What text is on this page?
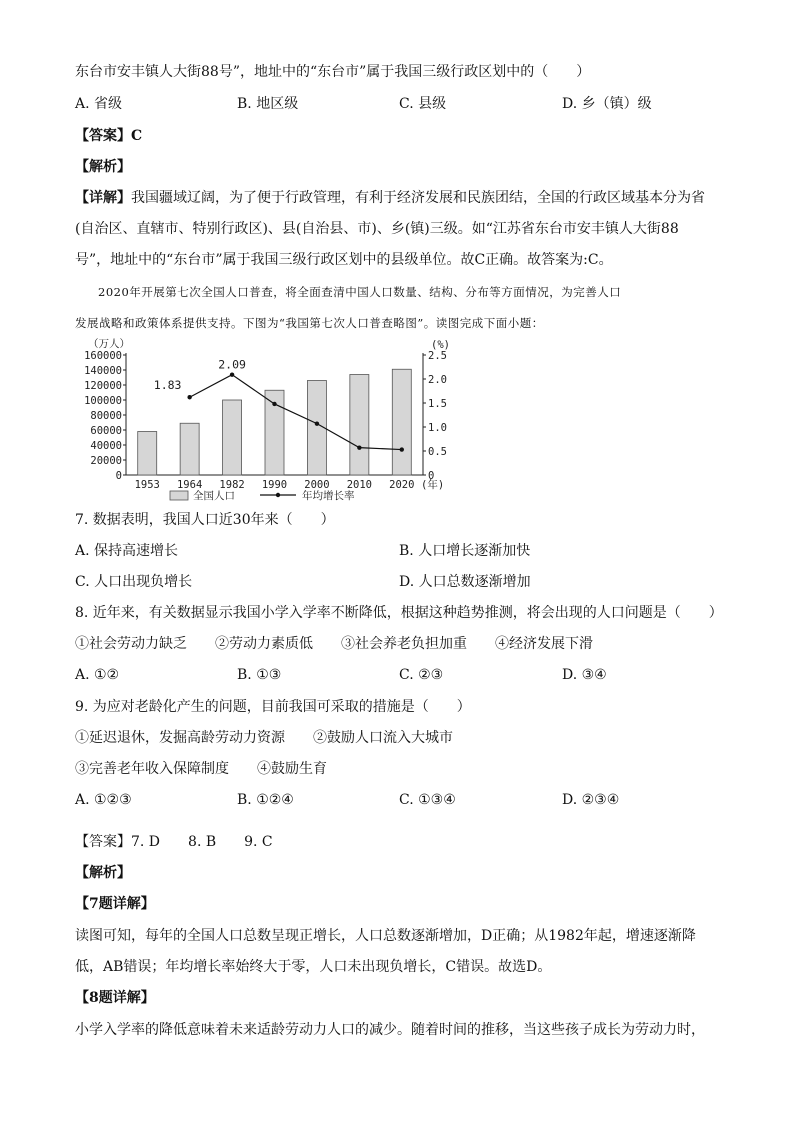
东台市安丰镇人大街88号”，地址中的“东台市”属于我国三级行政区划中的（　　）
A. 省级	B. 地区级	C. 县级	D. 乡（镇）级
【答案】C
【解析】
【详解】我国疆域辽阔，为了便于行政管理，有利于经济发展和民族团结，全国的行政区域基本分为省
(自治区、直辖市、特别行政区)、县(自治县、市)、乡(镇)三级。如“江苏省东台市安丰镇人大街88
号”，地址中的“东台市”属于我国三级行政区划中的县级单位。故C正确。故答案为:C。
2020年开展第七次全国人口普查，将全面查清中国人口数量、结构、分布等方面情况，为完善人口
发展战略和政策体系提供支持。下图为“我国第七次人口普查略图”。读图完成下面小题：
0
20000
40000
60000
80000
100000
120000
140000
160000
0
0.5
1.0
1.5
2.0
2.5
（万人）	(%)
1953 1964 1982 1990 2000 2010 2020 (年)
1.83
2.09
全国人口	年均增长率
7. 数据表明，我国人口近30年来（　　）
A. 保持高速增长	B. 人口增长逐渐加快
C. 人口出现负增长	D. 人口总数逐渐增加
8. 近年来，有关数据显示我国小学入学率不断降低，根据这种趋势推测，将会出现的人口问题是（　　）
①社会劳动力缺乏　　②劳动力素质低　　③社会养老负担加重　　④经济发展下滑
A. ①②	B. ①③	C. ②③	D. ③④
9. 为应对老龄化产生的问题，目前我国可采取的措施是（　　）
①延迟退休，发掘高龄劳动力资源　　②鼓励人口流入大城市
③完善老年收入保障制度　　④鼓励生育
A. ①②③	B. ①②④	C. ①③④	D. ②③④
【答案】7. D　　8. B　　9. C
【解析】
【7题详解】
读图可知，每年的全国人口总数呈现正增长，人口总数逐渐增加，D正确；从1982年起，增速逐渐降
低，AB错误；年均增长率始终大于零，人口未出现负增长，C错误。故选D。
【8题详解】
小学入学率的降低意味着未来适龄劳动力人口的减少。随着时间的推移，当这些孩子成长为劳动力时，
